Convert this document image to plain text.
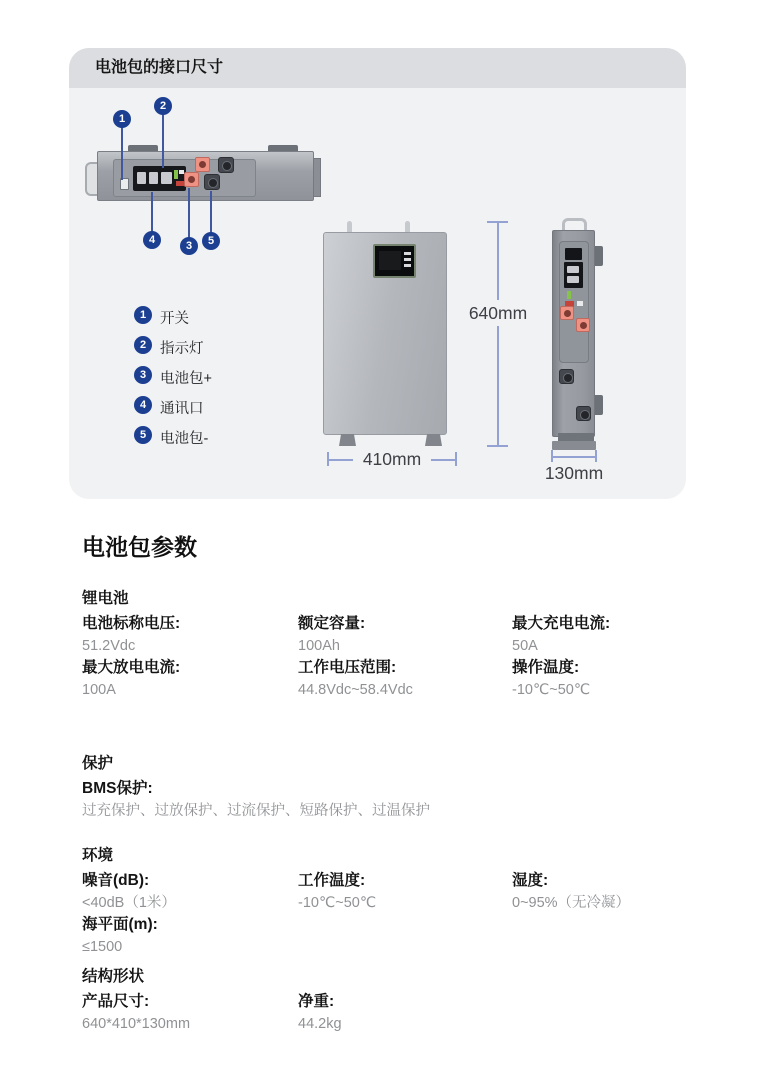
电池包的接口尺寸
1
2
3
4	5
1 开关
2 指示灯
3 电池包+
4 通讯口
5 电池包-
640mm
410mm
130mm
电池包参数
锂电池
电池标称电压:
51.2Vdc
额定容量:
100Ah
最大充电电流:
50A
最大放电电流:
100A
工作电压范围:
44.8Vdc~58.4Vdc
操作温度:
-10℃~50℃
保护
BMS保护:
过充保护、过放保护、过流保护、短路保护、过温保护
环境
噪音(dB):
<40dB（1米）
工作温度:
-10℃~50℃
湿度:
0~95%（无冷凝）
海平面(m):
≤1500
结构形状
产品尺寸:
640*410*130mm
净重:
44.2kg
